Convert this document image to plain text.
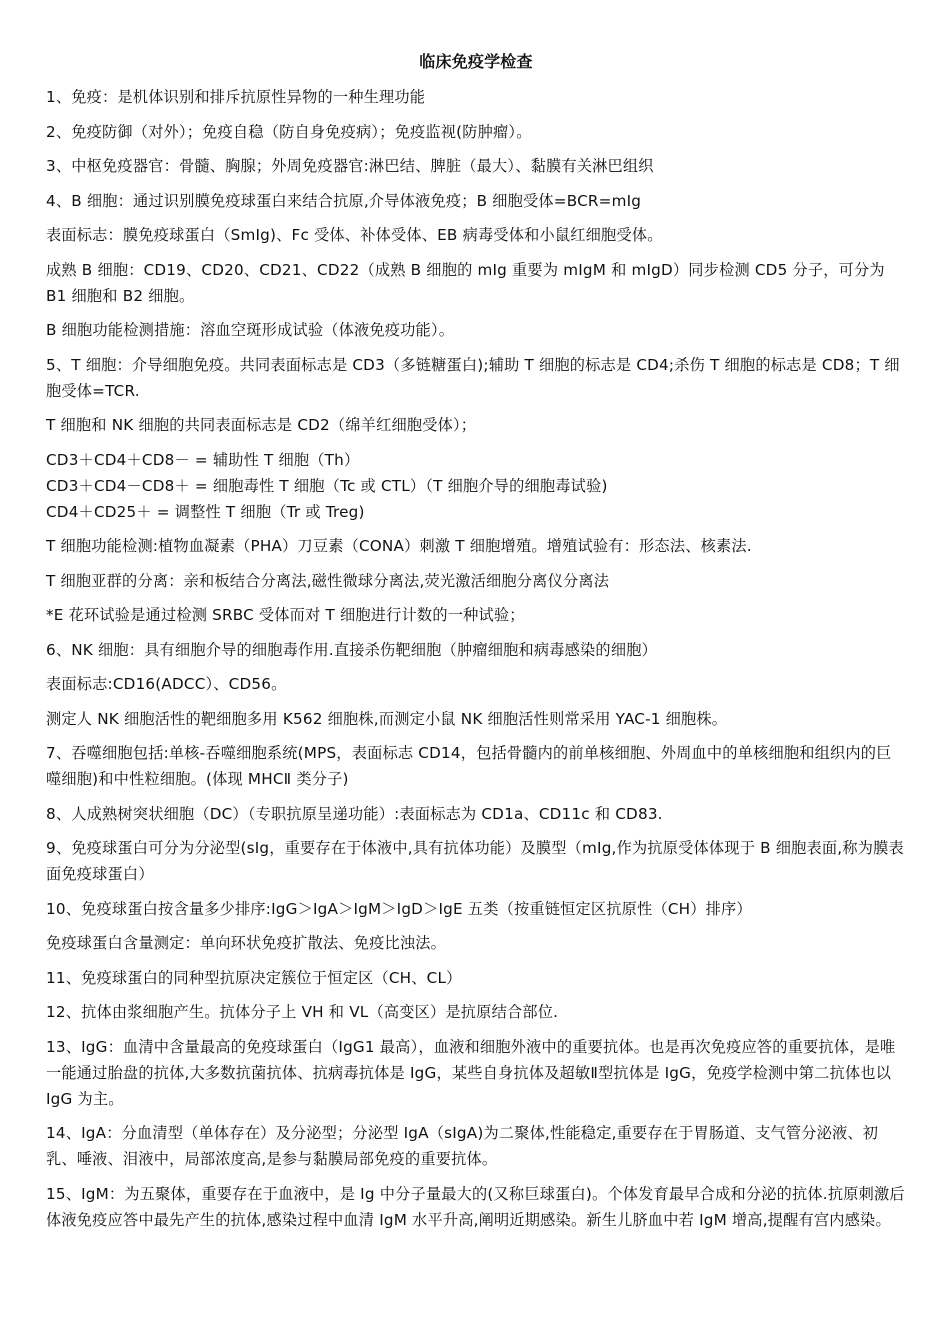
临床免疫学检查
1、免疫：是机体识别和排斥抗原性异物的一种生理功能
2、免疫防御（对外）；免疫自稳（防自身免疫病）；免疫监视(防肿瘤）。
3、中枢免疫器官：骨髓、胸腺；外周免疫器官:淋巴结、脾脏（最大）、黏膜有关淋巴组织
4、B 细胞：通过识别膜免疫球蛋白来结合抗原,介导体液免疫；B 细胞受体=BCR=mIg
表面标志：膜免疫球蛋白（SmIg)、Fc 受体、补体受体、EB 病毒受体和小鼠红细胞受体。
成熟 B 细胞：CD19、CD20、CD21、CD22（成熟 B 细胞的 mIg 重要为 mIgM 和 mIgD）同步检测 CD5 分子，可分为 B1 细胞和 B2 细胞。
B 细胞功能检测措施：溶血空斑形成试验（体液免疫功能）。
5、T 细胞：介导细胞免疫。共同表面标志是 CD3（多链糖蛋白);辅助 T 细胞的标志是 CD4;杀伤 T 细胞的标志是 CD8；T 细胞受体=TCR.
T 细胞和 NK 细胞的共同表面标志是 CD2（绵羊红细胞受体）；
CD3＋CD4＋CD8－ = 辅助性 T 细胞（Th）
CD3＋CD4－CD8＋ = 细胞毒性 T 细胞（Tc 或 CTL）（T 细胞介导的细胞毒试验)
CD4＋CD25＋ = 调整性 T 细胞（Tr 或 Treg)
T 细胞功能检测:植物血凝素（PHA）刀豆素（CONA）刺激 T 细胞增殖。增殖试验有：形态法、核素法.
T 细胞亚群的分离：亲和板结合分离法,磁性微球分离法,荧光激活细胞分离仪分离法
*E 花环试验是通过检测 SRBC 受体而对 T 细胞进行计数的一种试验；
6、NK 细胞：具有细胞介导的细胞毒作用.直接杀伤靶细胞（肿瘤细胞和病毒感染的细胞）
表面标志:CD16(ADCC）、CD56。
测定人 NK 细胞活性的靶细胞多用 K562 细胞株,而测定小鼠 NK 细胞活性则常采用 YAC-1 细胞株。
7、吞噬细胞包括:单核-吞噬细胞系统(MPS，表面标志 CD14，包括骨髓内的前单核细胞、外周血中的单核细胞和组织内的巨噬细胞)和中性粒细胞。(体现 MHCⅡ 类分子)
8、人成熟树突状细胞（DC）（专职抗原呈递功能）:表面标志为 CD1a、CD11c 和 CD83.
9、免疫球蛋白可分为分泌型(sIg，重要存在于体液中,具有抗体功能）及膜型（mIg,作为抗原受体体现于 B 细胞表面,称为膜表面免疫球蛋白）
10、免疫球蛋白按含量多少排序:IgG＞IgA＞IgM＞IgD＞IgE 五类（按重链恒定区抗原性（CH）排序）
免疫球蛋白含量测定：单向环状免疫扩散法、免疫比浊法。
11、免疫球蛋白的同种型抗原决定簇位于恒定区（CH、CL）
12、抗体由浆细胞产生。抗体分子上 VH 和 VL（高变区）是抗原结合部位.
13、IgG：血清中含量最高的免疫球蛋白（IgG1 最高），血液和细胞外液中的重要抗体。也是再次免疫应答的重要抗体，是唯一能通过胎盘的抗体,大多数抗菌抗体、抗病毒抗体是 IgG，某些自身抗体及超敏Ⅱ型抗体是 IgG，免疫学检测中第二抗体也以 IgG 为主。
14、IgA：分血清型（单体存在）及分泌型；分泌型 IgA（sIgA)为二聚体,性能稳定,重要存在于胃肠道、支气管分泌液、初乳、唾液、泪液中，局部浓度高,是参与黏膜局部免疫的重要抗体。
15、IgM：为五聚体，重要存在于血液中，是 Ig 中分子量最大的(又称巨球蛋白)。个体发育最早合成和分泌的抗体.抗原刺激后体液免疫应答中最先产生的抗体,感染过程中血清 IgM 水平升高,阐明近期感染。新生儿脐血中若 IgM 增高,提醒有宫内感染。
